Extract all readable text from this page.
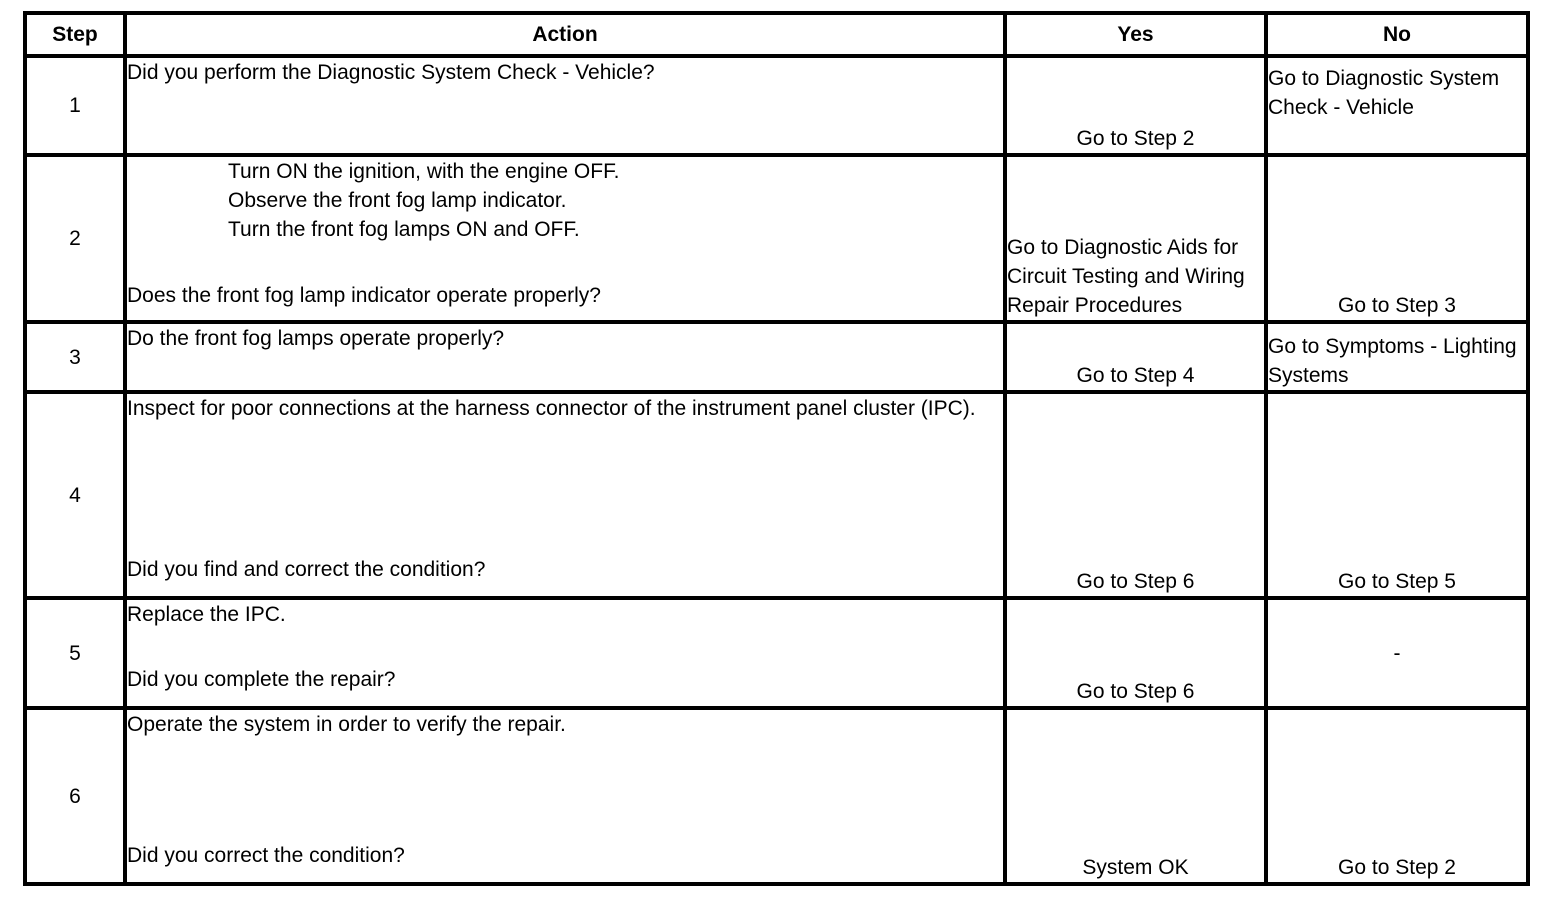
Step	Action	Yes	No
1	Did you perform the Diagnostic System Check - Vehicle?	Go to Step 2	Go to Diagnostic System Check - Vehicle
2	Turn ON the ignition, with the engine OFF.
Observe the front fog lamp indicator.
Turn the front fog lamps ON and OFF.
Does the front fog lamp indicator operate properly?	Go to Diagnostic Aids for Circuit Testing and Wiring Repair Procedures	Go to Step 3
3	Do the front fog lamps operate properly?	Go to Step 4	Go to Symptoms - Lighting Systems
4	Inspect for poor connections at the harness connector of the instrument panel cluster (IPC).
Did you find and correct the condition?	Go to Step 6	Go to Step 5
5	Replace the IPC.
Did you complete the repair?	Go to Step 6	-
6	Operate the system in order to verify the repair.
Did you correct the condition?	System OK	Go to Step 2
